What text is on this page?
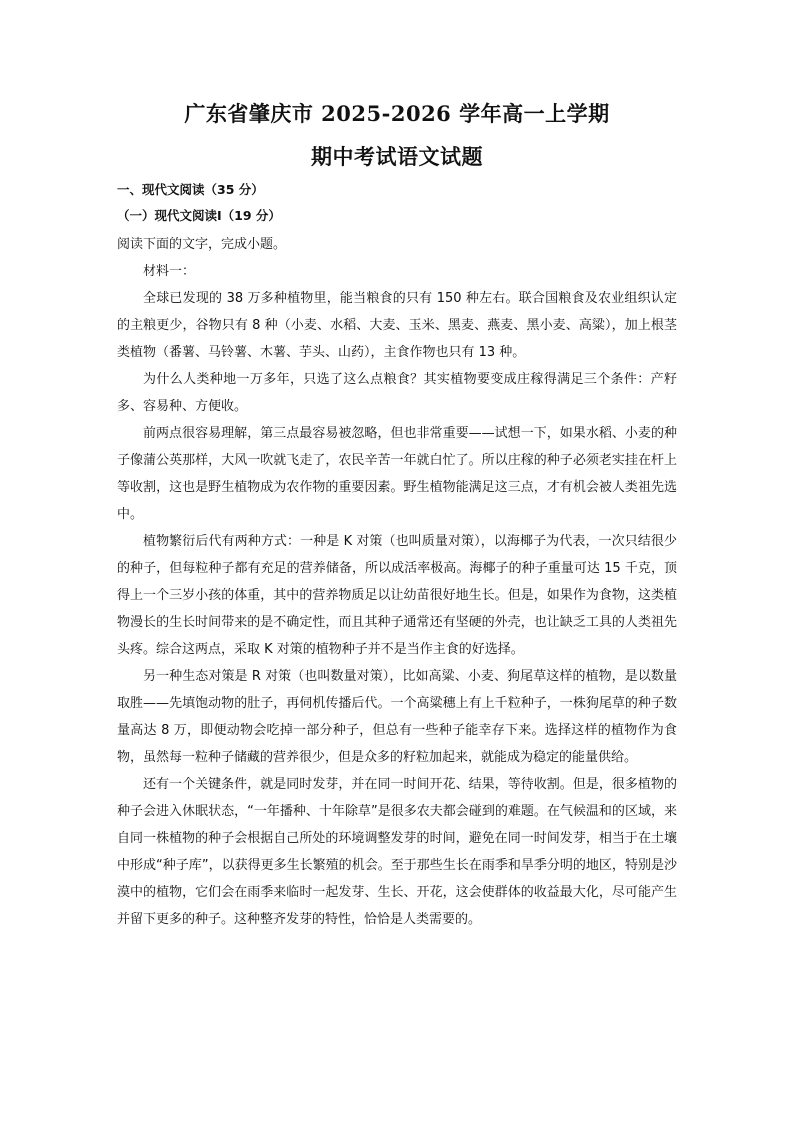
广东省肇庆市 2025-2026 学年高一上学期
期中考试语文试题
一、现代文阅读（35 分）
（一）现代文阅读Ⅰ（19 分）

阅读下面的文字，完成小题。

材料一：

全球已发现的 38 万多种植物里，能当粮食的只有 150 种左右。联合国粮食及农业组织认定的主粮更少，谷物只有 8 种（小麦、水稻、大麦、玉米、黑麦、燕麦、黑小麦、高粱），加上根茎类植物（番薯、马铃薯、木薯、芋头、山药），主食作物也只有 13 种。

为什么人类种地一万多年，只选了这么点粮食？其实植物要变成庄稼得满足三个条件：产籽多、容易种、方便收。

前两点很容易理解，第三点最容易被忽略，但也非常重要——试想一下，如果水稻、小麦的种子像蒲公英那样，大风一吹就飞走了，农民辛苦一年就白忙了。所以庄稼的种子必须老实挂在杆上等收割，这也是野生植物成为农作物的重要因素。野生植物能满足这三点，才有机会被人类祖先选中。

植物繁衍后代有两种方式：一种是 K 对策（也叫质量对策），以海椰子为代表，一次只结很少的种子，但每粒种子都有充足的营养储备，所以成活率极高。海椰子的种子重量可达 15 千克，顶得上一个三岁小孩的体重，其中的营养物质足以让幼苗很好地生长。但是，如果作为食物，这类植物漫长的生长时间带来的是不确定性，而且其种子通常还有坚硬的外壳，也让缺乏工具的人类祖先头疼。综合这两点，采取 K 对策的植物种子并不是当作主食的好选择。

另一种生态对策是 R 对策（也叫数量对策），比如高粱、小麦、狗尾草这样的植物，是以数量取胜——先填饱动物的肚子，再伺机传播后代。一个高粱穗上有上千粒种子，一株狗尾草的种子数量高达 8 万，即便动物会吃掉一部分种子，但总有一些种子能幸存下来。选择这样的植物作为食物，虽然每一粒种子储藏的营养很少，但是众多的籽粒加起来，就能成为稳定的能量供给。

还有一个关键条件，就是同时发芽，并在同一时间开花、结果，等待收割。但是，很多植物的种子会进入休眠状态，“一年播种、十年除草”是很多农夫都会碰到的难题。在气候温和的区域，来自同一株植物的种子会根据自己所处的环境调整发芽的时间，避免在同一时间发芽，相当于在土壤中形成“种子库”，以获得更多生长繁殖的机会。至于那些生长在雨季和旱季分明的地区，特别是沙漠中的植物，它们会在雨季来临时一起发芽、生长、开花，这会使群体的收益最大化，尽可能产生并留下更多的种子。这种整齐发芽的特性，恰恰是人类需要的。
